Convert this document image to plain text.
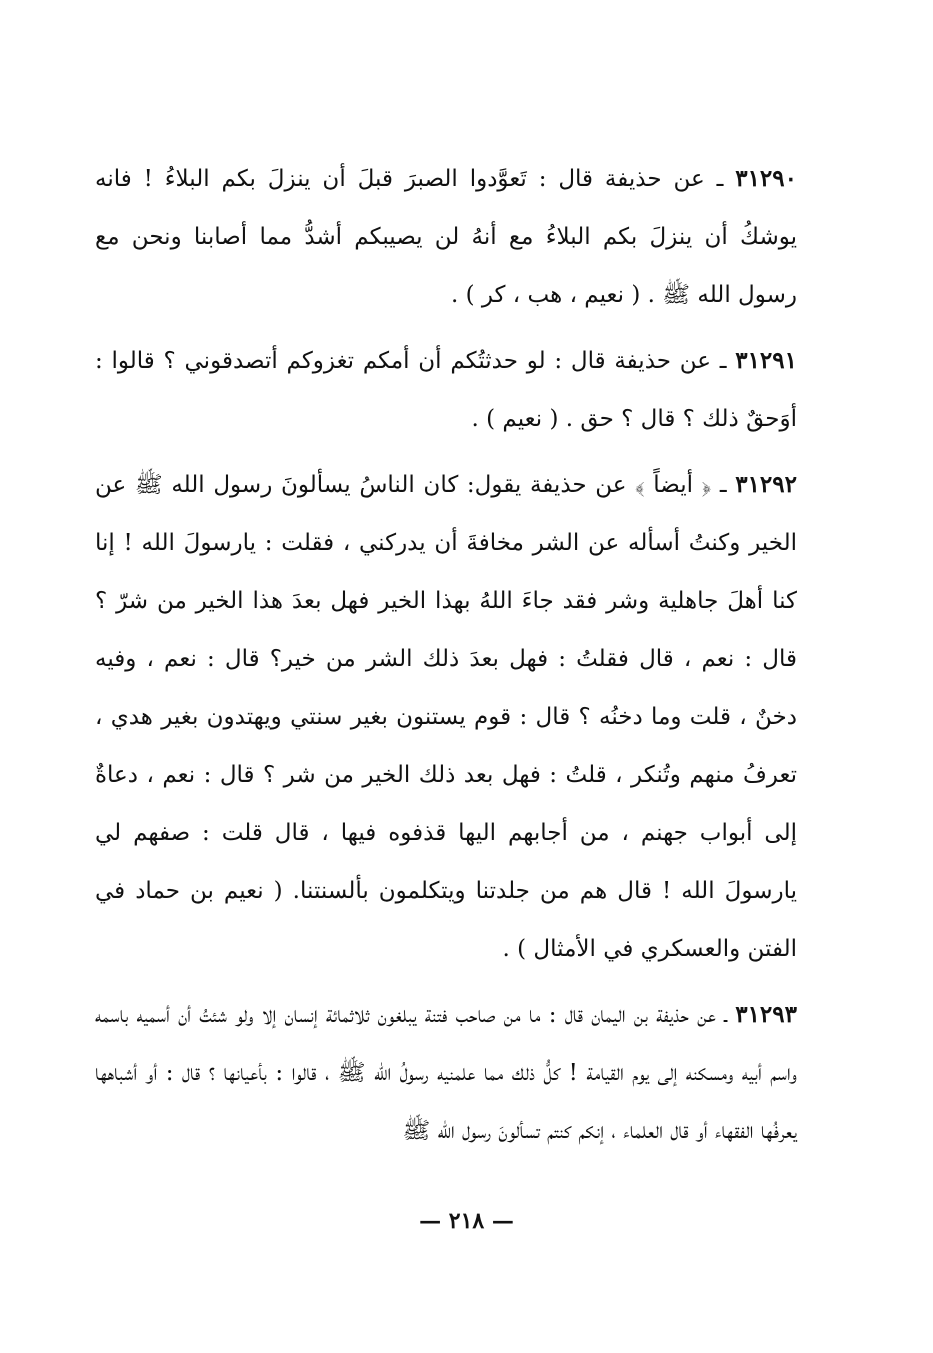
٣١٢٩٠ ـ عن حذيفة قال : تَعوَّدوا الصبرَ قبلَ أن ينزلَ بكم البلاءُ ! فانه يوشكُ أن ينزلَ بكم البلاءُ مع أنهُ لن يصيبكم أشدُّ مما أصابنا ونحن مع رسول الله ﷺ . ( نعيم ، هب ، كر ) .

٣١٢٩١ ـ عن حذيفة قال : لو حدثتُكم أن أمكم تغزوكم أتصدقوني ؟ قالوا : أوَحقٌ ذلك ؟ قال ؟ حق . ( نعيم ) .

٣١٢٩٢ ـ ﴿ أيضاً ﴾ عن حذيفة يقول: كان الناسُ يسألونَ رسول الله ﷺ عن الخير وكنتُ أسأله عن الشر مخافةَ أن يدركني ، فقلت : يارسولَ الله ! إنا كنا أهلَ جاهلية وشر فقد جاءَ اللهُ بهذا الخير فهل بعدَ هذا الخير من شرّ ؟ قال : نعم ، قال فقلتُ : فهل بعدَ ذلك الشر من خير؟ قال : نعم ، وفيه دخنٌ ، قلت وما دخنُه ؟ قال : قوم يستنون بغير سنتي ويهتدون بغير هدي ، تعرفُ منهم وتُنكر ، قلتُ : فهل بعد ذلك الخير من شر ؟ قال : نعم ، دعاةٌ إلى أبواب جهنم ، من أجابهم اليها قذفوه فيها ، قال قلت : صفهم لي يارسولَ الله ! قال هم من جلدتنا ويتكلمون بألسنتنا. ( نعيم بن حماد في الفتن والعسكري في الأمثال ) .

٣١٢٩٣ ـ عن حذيفة بن اليمان قال : ما من صاحب فتنة يبلغون ثلاثمائة إنسان إلا ولو شئتُ أن أسميه باسمه واسم أبيه ومسكنه إلى يوم القيامة ! كلُّ ذلك مما علمنيه رسولُ الله ﷺ ، قالوا : بأعيانها ؟ قال : أو أشباهها يعرفُها الفقهاء أو قال العلماء ، إنكم كنتم تسألونَ رسول الله ﷺ

— ٢١٨ —
